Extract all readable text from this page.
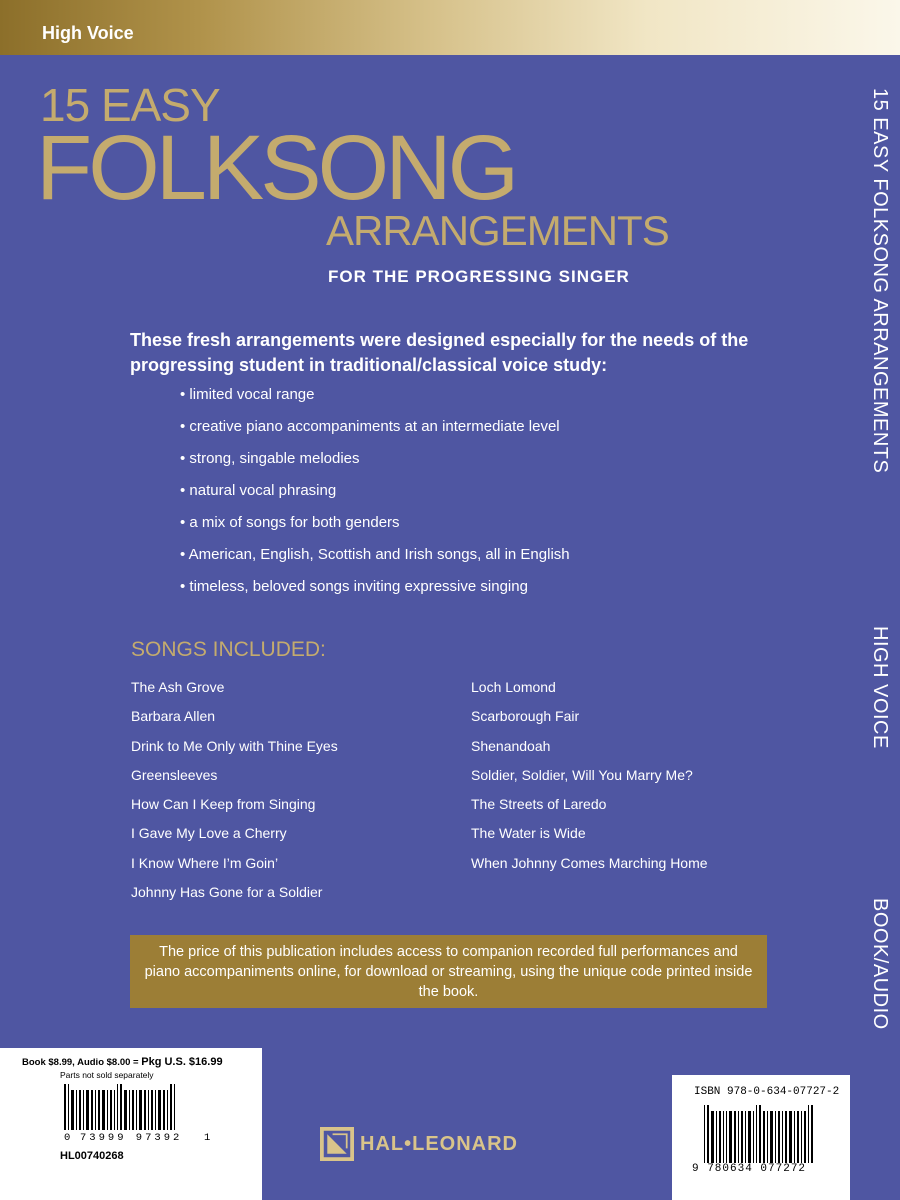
High Voice
15 EASY
FOLKSONG
ARRANGEMENTS
FOR THE PROGRESSING SINGER
These fresh arrangements were designed especially for the needs of the progressing student in traditional/classical voice study:
• limited vocal range
• creative piano accompaniments at an intermediate level
• strong, singable melodies
• natural vocal phrasing
• a mix of songs for both genders
• American, English, Scottish and Irish songs, all in English
• timeless, beloved songs inviting expressive singing
SONGS INCLUDED:
The Ash Grove
Barbara Allen
Drink to Me Only with Thine Eyes
Greensleeves
How Can I Keep from Singing
I Gave My Love a Cherry
I Know Where I’m Goin’
Johnny Has Gone for a Soldier
Loch Lomond
Scarborough Fair
Shenandoah
Soldier, Soldier, Will You Marry Me?
The Streets of Laredo
The Water is Wide
When Johnny Comes Marching Home
The price of this publication includes access to companion recorded full performances and piano accompaniments online, for download or streaming, using the unique code printed inside the book.
15 EASY FOLKSONG ARRANGEMENTS
HIGH VOICE
BOOK/AUDIO
Book $8.99, Audio $8.00 = Pkg U.S. $16.99
Parts not sold separately
0 73999 97392 1
HL00740268
HAL•LEONARD
ISBN 978-0-634-07727-2
9 780634 077272
